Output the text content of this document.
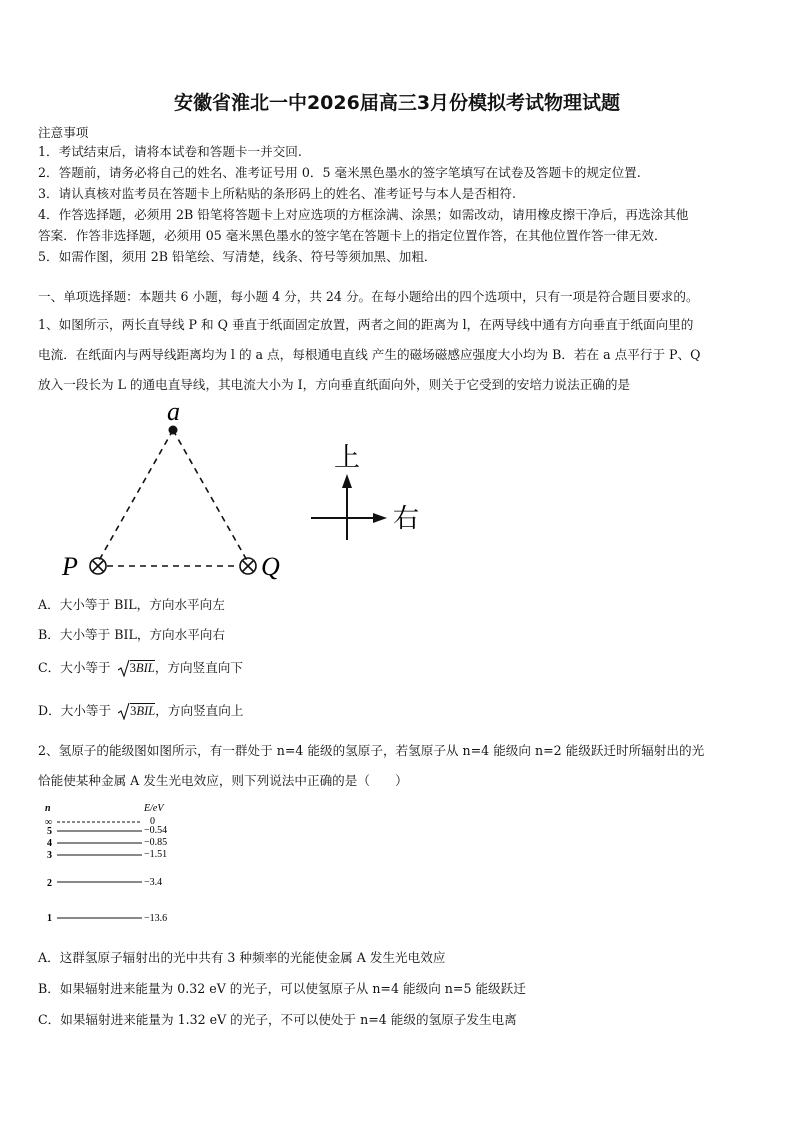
安徽省淮北一中2026届高三3月份模拟考试物理试题
注意事项
1．考试结束后，请将本试卷和答题卡一并交回.
2．答题前，请务必将自己的姓名、准考证号用 0．5 毫米黑色墨水的签字笔填写在试卷及答题卡的规定位置.
3．请认真核对监考员在答题卡上所粘贴的条形码上的姓名、准考证号与本人是否相符.
4．作答选择题，必须用 2B 铅笔将答题卡上对应选项的方框涂满、涂黑；如需改动，请用橡皮擦干净后，再选涂其他
答案．作答非选择题，必须用 05 毫米黑色墨水的签字笔在答题卡上的指定位置作答，在其他位置作答一律无效．
5．如需作图，须用 2B 铅笔绘、写清楚，线条、符号等须加黑、加粗．
一、单项选择题：本题共 6 小题，每小题 4 分，共 24 分。在每小题给出的四个选项中，只有一项是符合题目要求的。
1、如图所示，两长直导线 P 和 Q 垂直于纸面固定放置，两者之间的距离为 l，在两导线中通有方向垂直于纸面向里的
电流．在纸面内与两导线距离均为 l 的 a 点，每根通电直线 产生的磁场磁感应强度大小均为 B．若在 a 点平行于 P、Q
放入一段长为 L 的通电直导线，其电流大小为 I，方向垂直纸面向外，则关于它受到的安培力说法正确的是
a
P	Q
上
右
A．大小等于 BIL，方向水平向左
B．大小等于 BIL，方向水平向右
C．大小等于 3BIL，方向竖直向下
D．大小等于 3BIL，方向竖直向上
2、氢原子的能级图如图所示，有一群处于 n=4 能级的氢原子，若氢原子从 n=4 能级向 n=2 能级跃迁时所辐射出的光
恰能使某种金属 A 发生光电效应，则下列说法中正确的是（　　）
n	E/eV
∞	0
5	−0.54
4	−0.85
3	−1.51
2	−3.4
1	−13.6
A．这群氢原子辐射出的光中共有 3 种频率的光能使金属 A 发生光电效应
B．如果辐射进来能量为 0.32 eV 的光子，可以使氢原子从 n=4 能级向 n=5 能级跃迁
C．如果辐射进来能量为 1.32 eV 的光子，不可以使处于 n=4 能级的氢原子发生电离
